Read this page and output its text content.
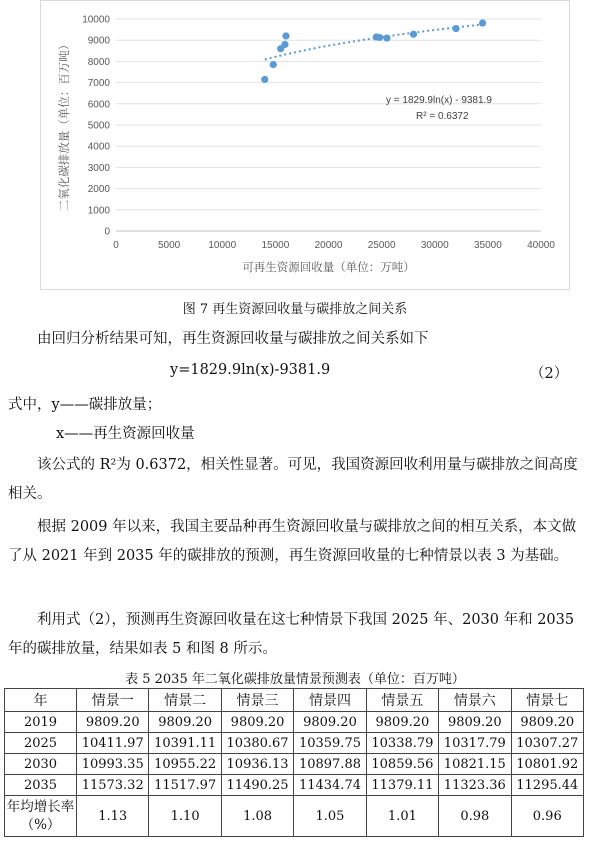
0
1000
2000
3000
4000
5000
6000
7000
8000
9000
10000
0	5000	10000	15000	20000	25000	30000	35000	40000
可再生资源回收量（单位：万吨）
二氧化碳排放量（单位：百万吨）	y = 1829.9ln(x) - 9381.9
R² = 0.6372
图 7 再生资源回收量与碳排放之间关系

由回归分析结果可知，再生资源回收量与碳排放之间关系如下

y=1829.9ln(x)-9381.9	（2）

式中，y——碳排放量；

x——再生资源回收量

该公式的 R²为 0.6372，相关性显著。可见，我国资源回收利用量与碳排放之间高度相关。

根据 2009 年以来，我国主要品种再生资源回收量与碳排放之间的相互关系，本文做了从 2021 年到 2035 年的碳排放的预测，再生资源回收量的七种情景以表 3 为基础。

利用式（2），预测再生资源回收量在这七种情景下我国 2025 年、2030 年和 2035 年的碳排放量，结果如表 5 和图 8 所示。

表 5 2035 年二氧化碳排放量情景预测表（单位：百万吨）
年	情景一	情景二	情景三	情景四	情景五	情景六	情景七
2019	9809.20	9809.20	9809.20	9809.20	9809.20	9809.20	9809.20
2025	10411.97	10391.11	10380.67	10359.75	10338.79	10317.79	10307.27
2030	10993.35	10955.22	10936.13	10897.88	10859.56	10821.15	10801.92
2035	11573.32	11517.97	11490.25	11434.74	11379.11	11323.36	11295.44
年均增长率（%）	1.13	1.10	1.08	1.05	1.01	0.98	0.96
